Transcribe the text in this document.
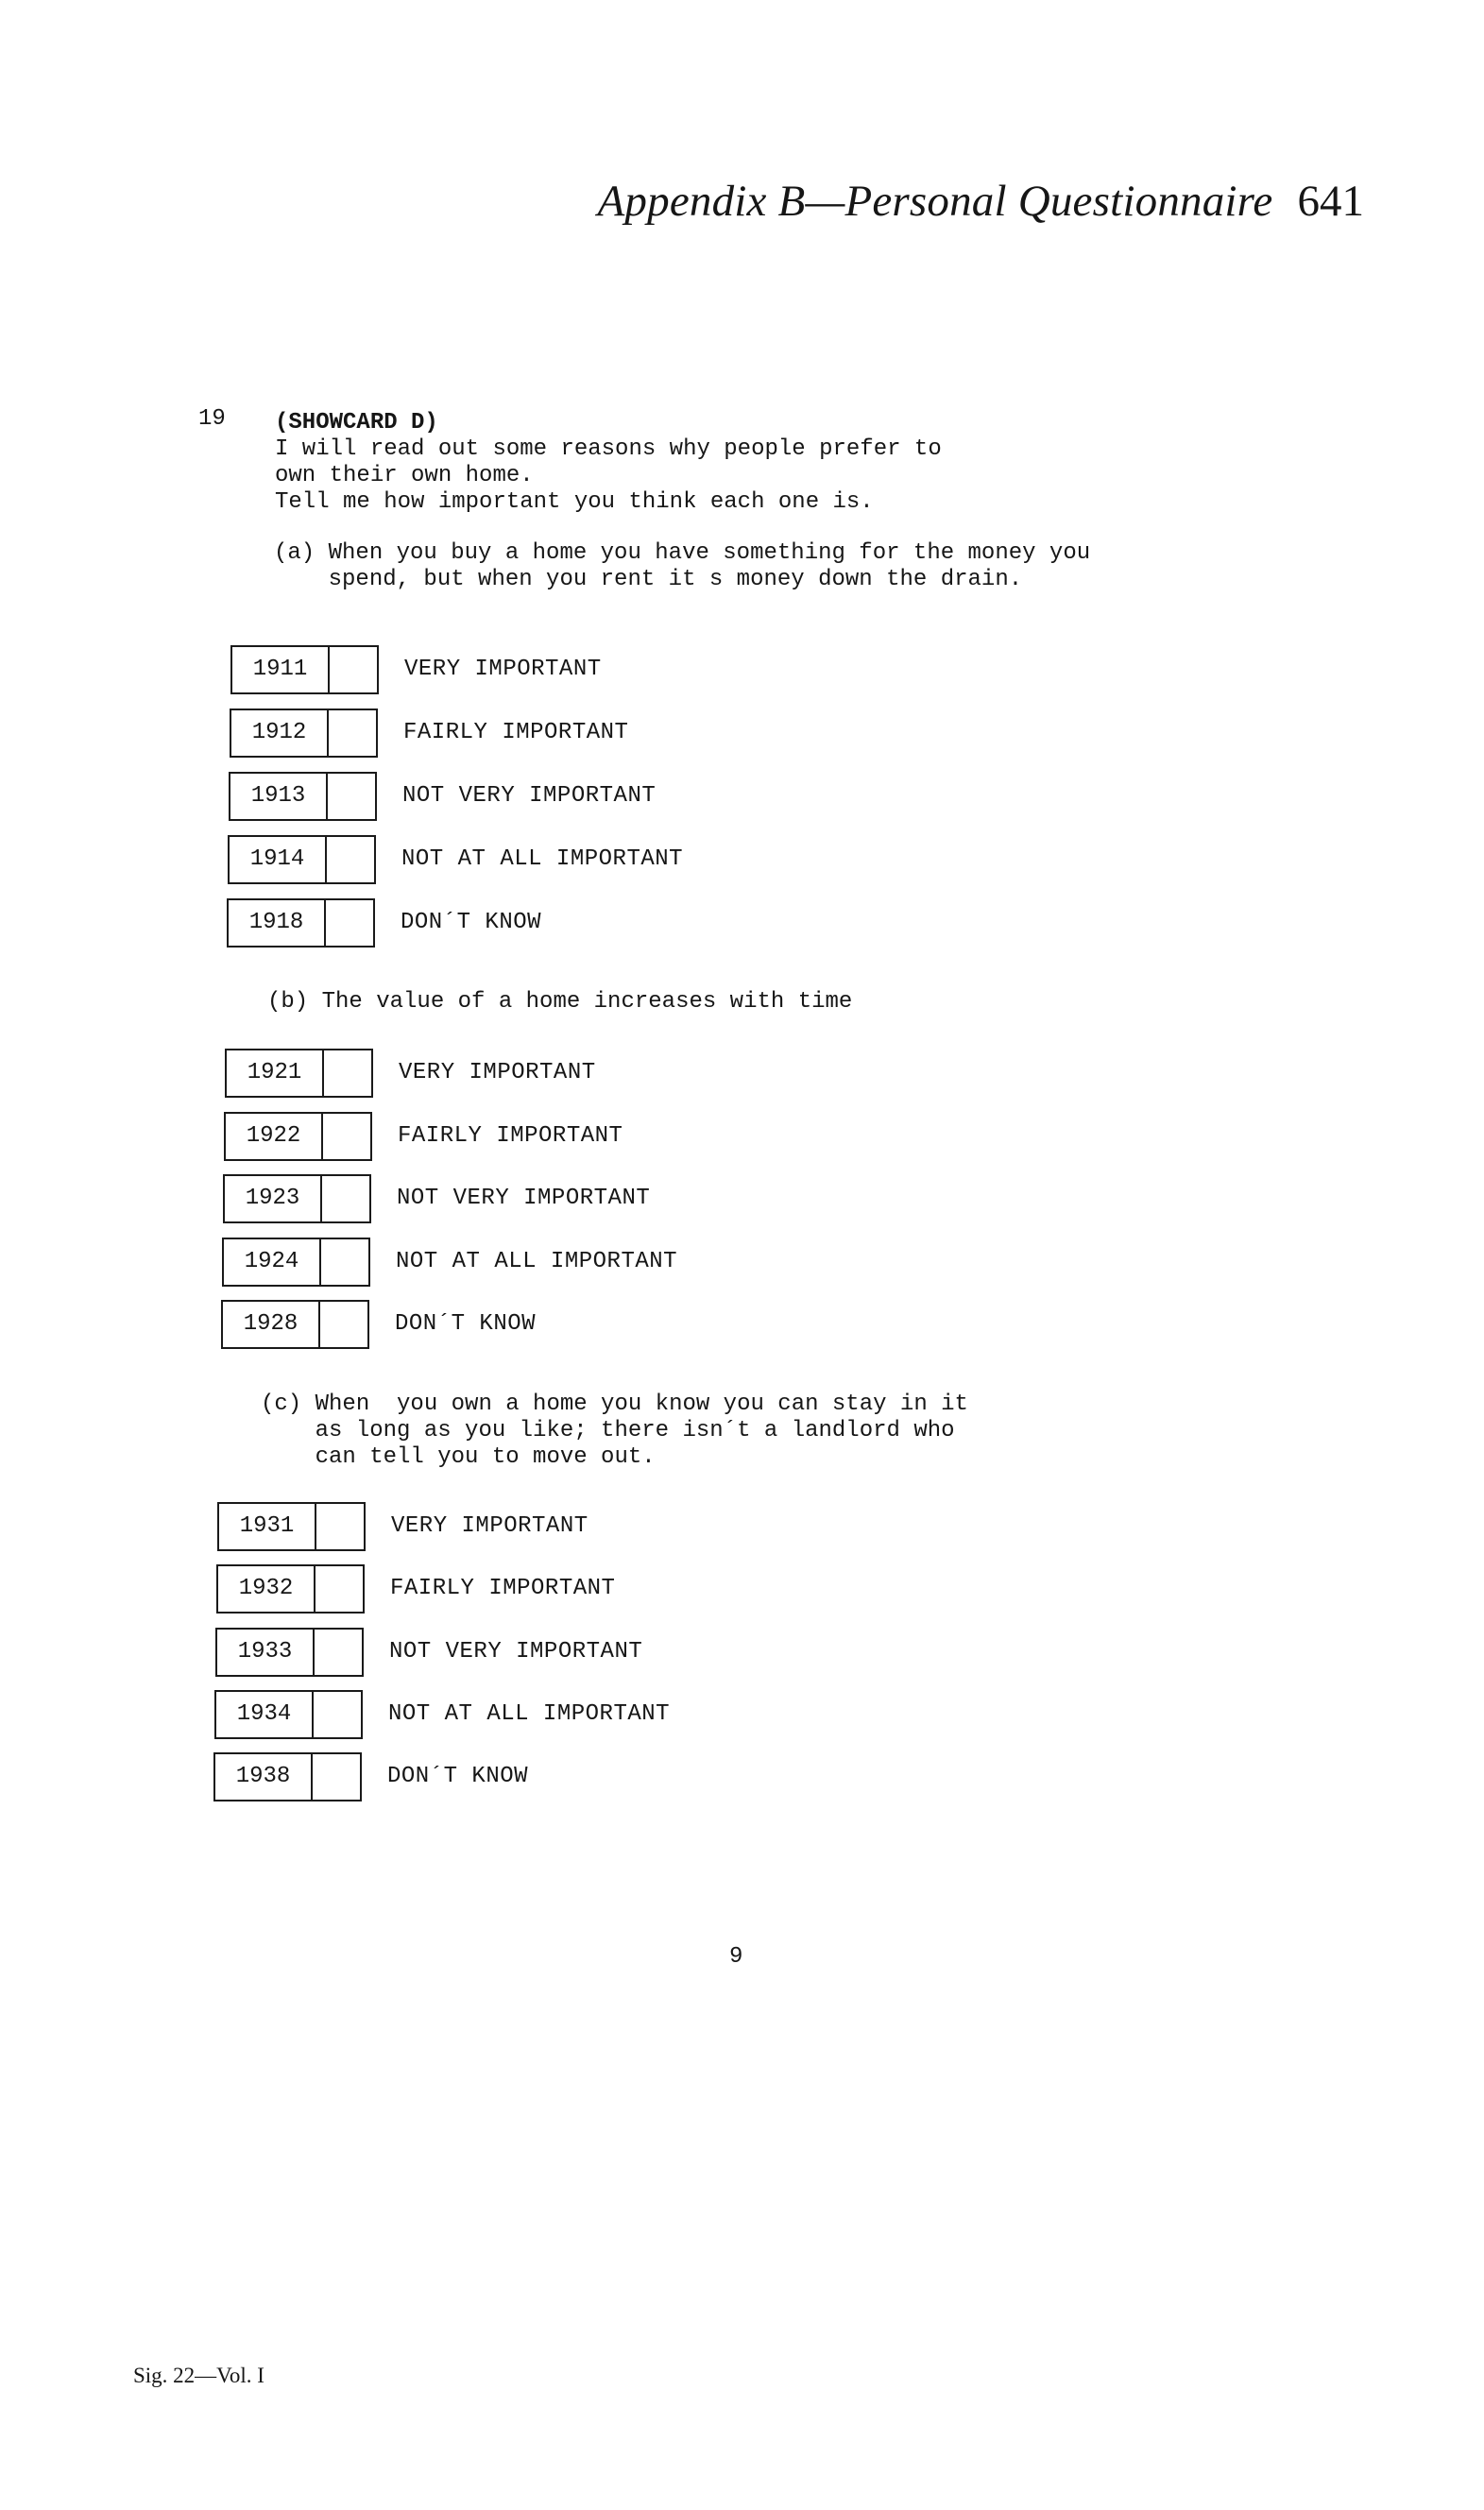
Appendix B—Personal Questionnaire 641
19 (SHOWCARD D)
I will read out some reasons why people prefer to
own their own home.
Tell me how important you think each one is.
(a) When you buy a home you have something for the money you
spend, but when you rent it s money down the drain.
1911	VERY IMPORTANT
1912	FAIRLY IMPORTANT
1913	NOT VERY IMPORTANT
1914	NOT AT ALL IMPORTANT
1918	DON´T KNOW
(b) The value of a home increases with time
1921	VERY IMPORTANT
1922	FAIRLY IMPORTANT
1923	NOT VERY IMPORTANT
1924	NOT AT ALL IMPORTANT
1928	DON´T KNOW
(c) When  you own a home you know you can stay in it
as long as you like; there isn´t a landlord who
can tell you to move out.
1931	VERY IMPORTANT
1932	FAIRLY IMPORTANT
1933	NOT VERY IMPORTANT
1934	NOT AT ALL IMPORTANT
1938	DON´T KNOW
9
Sig. 22—Vol. I
